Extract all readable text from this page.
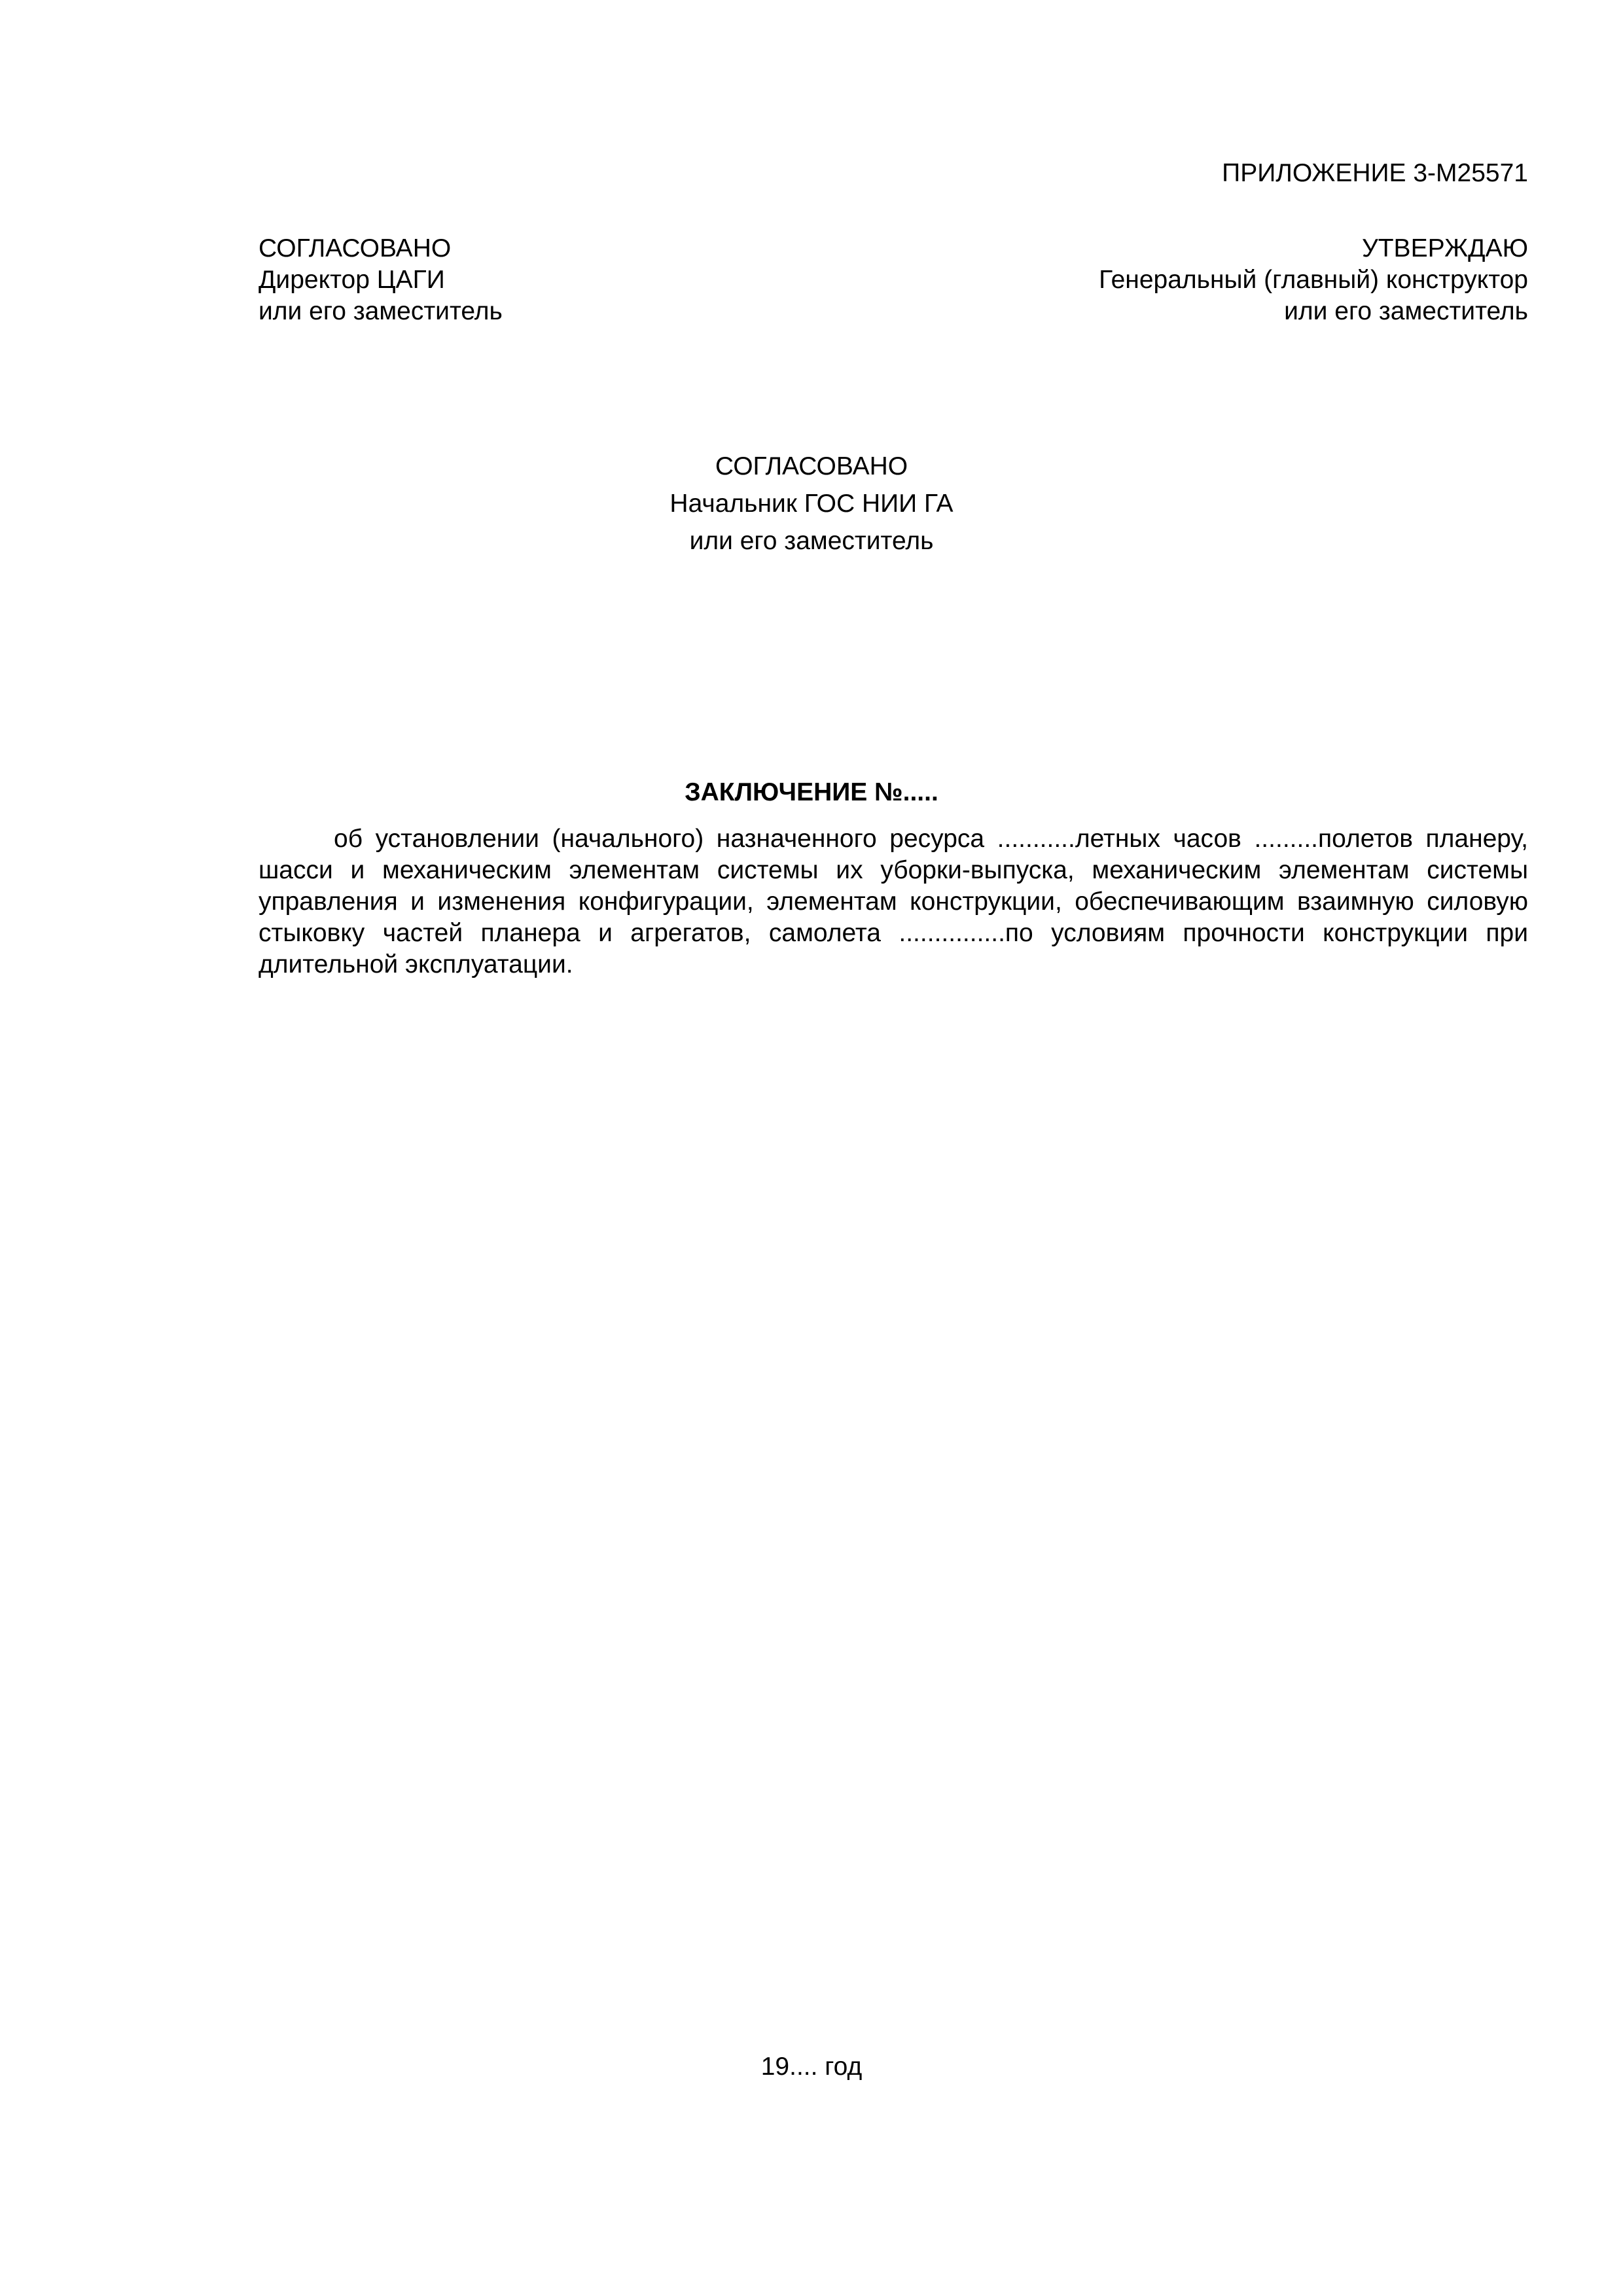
ПРИЛОЖЕНИЕ 3-М25571
СОГЛАСОВАНО
Директор ЦАГИ
или его заместитель
УТВЕРЖДАЮ
Генеральный (главный) конструктор
или его заместитель
СОГЛАСОВАНО
Начальник ГОС НИИ ГА
или его заместитель
ЗАКЛЮЧЕНИЕ №.....
об установлении (начального) назначенного ресурса ...........летных часов .........полетов планеру, шасси и механическим элементам системы их уборки-выпуска, механическим элементам системы управления и изменения конфигурации, элементам конструкции, обеспечивающим взаимную силовую стыковку частей планера и агрегатов, самолета ...............по условиям прочности конструкции при длительной эксплуатации.
19.... год
